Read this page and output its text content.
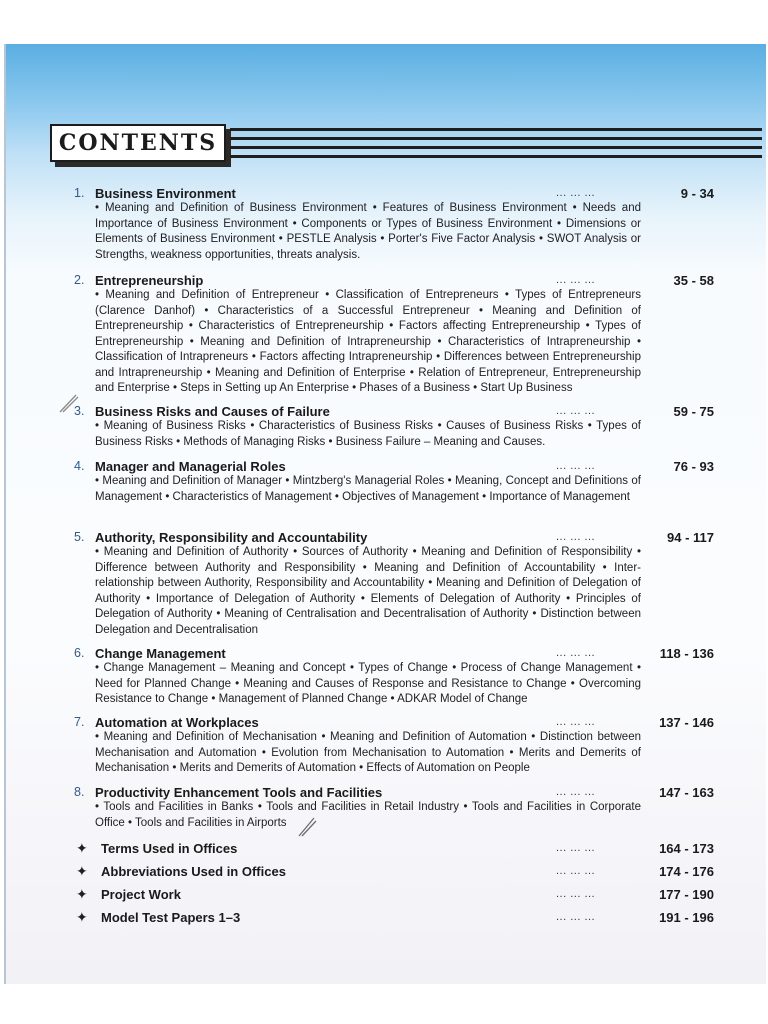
CONTENTS
1. Business Environment	... ... ...	9 - 34
• Meaning and Definition of Business Environment • Features of Business Environment • Needs and Importance of Business Environment • Components or Types of Business Environment • Dimensions or Elements of Business Environment • PESTLE Analysis • Porter's Five Factor Analysis • SWOT Analysis or Strengths, weakness opportunities, threats analysis.
2. Entrepreneurship	... ... ...	35 - 58
• Meaning and Definition of Entrepreneur • Classification of Entrepreneurs • Types of Entrepreneurs (Clarence Danhof) • Characteristics of a Successful Entrepreneur • Meaning and Definition of Entrepreneurship • Characteristics of Entrepreneurship • Factors affecting Entrepreneurship • Types of Entrepreneurship • Meaning and Definition of Intrapreneurship • Characteristics of Intrapreneurship • Classification of Intrapreneurs • Factors affecting Intrapreneurship • Differences between Entrepreneurship and Intrapreneurship • Meaning and Definition of Enterprise • Relation of Entrepreneur, Entrepreneurship and Enterprise • Steps in Setting up An Enterprise • Phases of a Business • Start Up Business
3. Business Risks and Causes of Failure	... ... ...	59 - 75
• Meaning of Business Risks • Characteristics of Business Risks • Causes of Business Risks • Types of Business Risks • Methods of Managing Risks • Business Failure – Meaning and Causes.
4. Manager and Managerial Roles	... ... ...	76 - 93
• Meaning and Definition of Manager • Mintzberg's Managerial Roles • Meaning, Concept and Definitions of Management • Characteristics of Management • Objectives of Management • Importance of Management
5. Authority, Responsibility and Accountability	... ... ...	94 - 117
• Meaning and Definition of Authority • Sources of Authority • Meaning and Definition of Responsibility • Difference between Authority and Responsibility • Meaning and Definition of Accountability • Inter-relationship between Authority, Responsibility and Accountability • Meaning and Definition of Delegation of Authority • Importance of Delegation of Authority • Elements of Delegation of Authority • Principles of Delegation of Authority • Meaning of Centralisation and Decentralisation of Authority • Distinction between Delegation and Decentralisation
6. Change Management	... ... ...	118 - 136
• Change Management – Meaning and Concept • Types of Change • Process of Change Management • Need for Planned Change • Meaning and Causes of Response and Resistance to Change • Overcoming Resistance to Change • Management of Planned Change • ADKAR Model of Change
7. Automation at Workplaces	... ... ...	137 - 146
• Meaning and Definition of Mechanisation • Meaning and Definition of Automation • Distinction between Mechanisation and Automation • Evolution from Mechanisation to Automation • Merits and Demerits of Mechanisation • Merits and Demerits of Automation • Effects of Automation on People
8. Productivity Enhancement Tools and Facilities	... ... ...	147 - 163
• Tools and Facilities in Banks • Tools and Facilities in Retail Industry • Tools and Facilities in Corporate Office • Tools and Facilities in Airports
✦ Terms Used in Offices	... ... ...	164 - 173
✦ Abbreviations Used in Offices	... ... ...	174 - 176
✦ Project Work	... ... ...	177 - 190
✦ Model Test Papers 1–3	... ... ...	191 - 196
